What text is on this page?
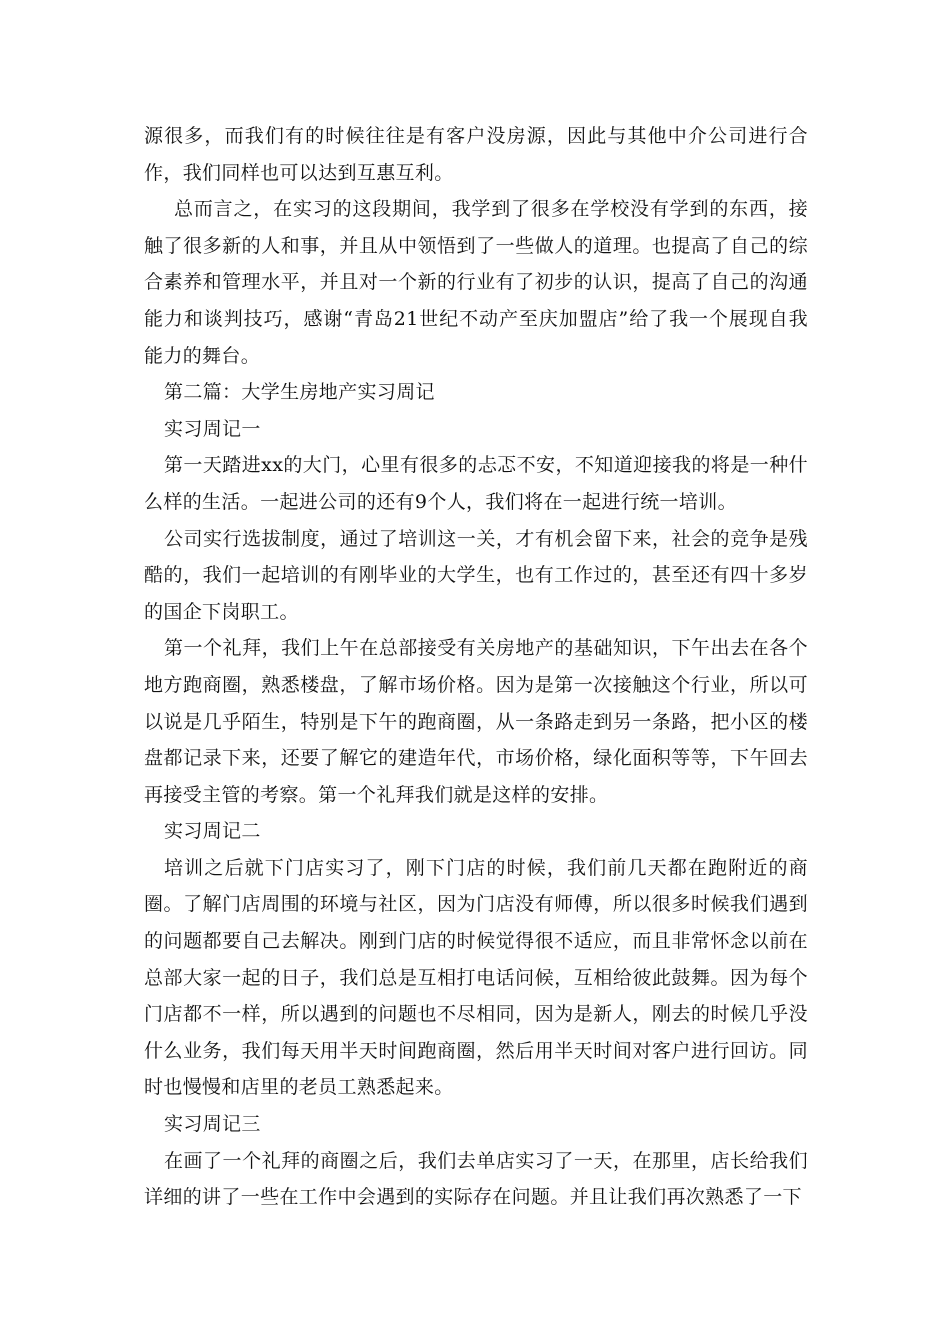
源很多，而我们有的时候往往是有客户没房源，因此与其他中介公司进行合作，我们同样也可以达到互惠互利。

总而言之，在实习的这段期间，我学到了很多在学校没有学到的东西，接触了很多新的人和事，并且从中领悟到了一些做人的道理。也提高了自己的综合素养和管理水平，并且对一个新的行业有了初步的认识，提高了自己的沟通能力和谈判技巧，感谢“青岛21世纪不动产至庆加盟店”给了我一个展现自我能力的舞台。

第二篇：大学生房地产实习周记

实习周记一

第一天踏进xx的大门，心里有很多的忐忑不安，不知道迎接我的将是一种什么样的生活。一起进公司的还有9个人，我们将在一起进行统一培训。

公司实行选拔制度，通过了培训这一关，才有机会留下来，社会的竞争是残酷的，我们一起培训的有刚毕业的大学生，也有工作过的，甚至还有四十多岁的国企下岗职工。

第一个礼拜，我们上午在总部接受有关房地产的基础知识，下午出去在各个地方跑商圈，熟悉楼盘，了解市场价格。因为是第一次接触这个行业，所以可以说是几乎陌生，特别是下午的跑商圈，从一条路走到另一条路，把小区的楼盘都记录下来，还要了解它的建造年代，市场价格，绿化面积等等，下午回去再接受主管的考察。第一个礼拜我们就是这样的安排。

实习周记二

培训之后就下门店实习了，刚下门店的时候，我们前几天都在跑附近的商圈。了解门店周围的环境与社区，因为门店没有师傅，所以很多时候我们遇到的问题都要自己去解决。刚到门店的时候觉得很不适应，而且非常怀念以前在总部大家一起的日子，我们总是互相打电话问候，互相给彼此鼓舞。因为每个门店都不一样，所以遇到的问题也不尽相同，因为是新人，刚去的时候几乎没什么业务，我们每天用半天时间跑商圈，然后用半天时间对客户进行回访。同时也慢慢和店里的老员工熟悉起来。

实习周记三

在画了一个礼拜的商圈之后，我们去单店实习了一天，在那里，店长给我们详细的讲了一些在工作中会遇到的实际存在问题。并且让我们再次熟悉了一下
